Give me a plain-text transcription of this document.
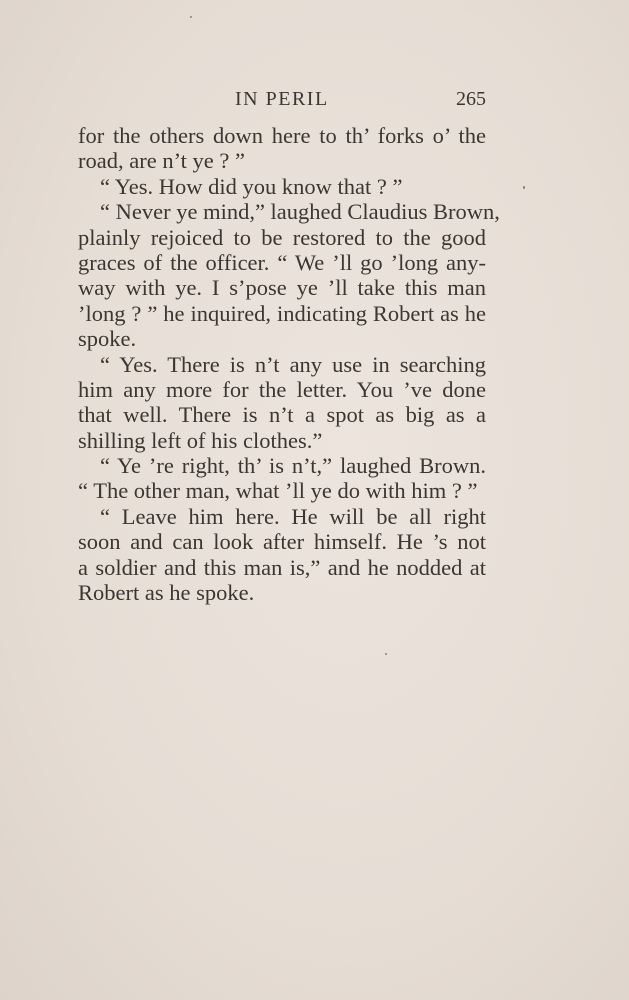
IN PERIL	265
for the others down here to th’ forks o’ the
road, are n’t ye ? ”
“ Yes. How did you know that ? ”
“ Never ye mind,” laughed Claudius Brown,
plainly rejoiced to be restored to the good
graces of the officer. “ We ’ll go ’long any-
way with ye. I s’pose ye ’ll take this man
’long ? ” he inquired, indicating Robert as he
spoke.
“ Yes. There is n’t any use in searching
him any more for the letter. You ’ve done
that well. There is n’t a spot as big as a
shilling left of his clothes.”
“ Ye ’re right, th’ is n’t,” laughed Brown.
“ The other man, what ’ll ye do with him ? ”
“ Leave him here. He will be all right
soon and can look after himself. He ’s not
a soldier and this man is,” and he nodded at
Robert as he spoke.
